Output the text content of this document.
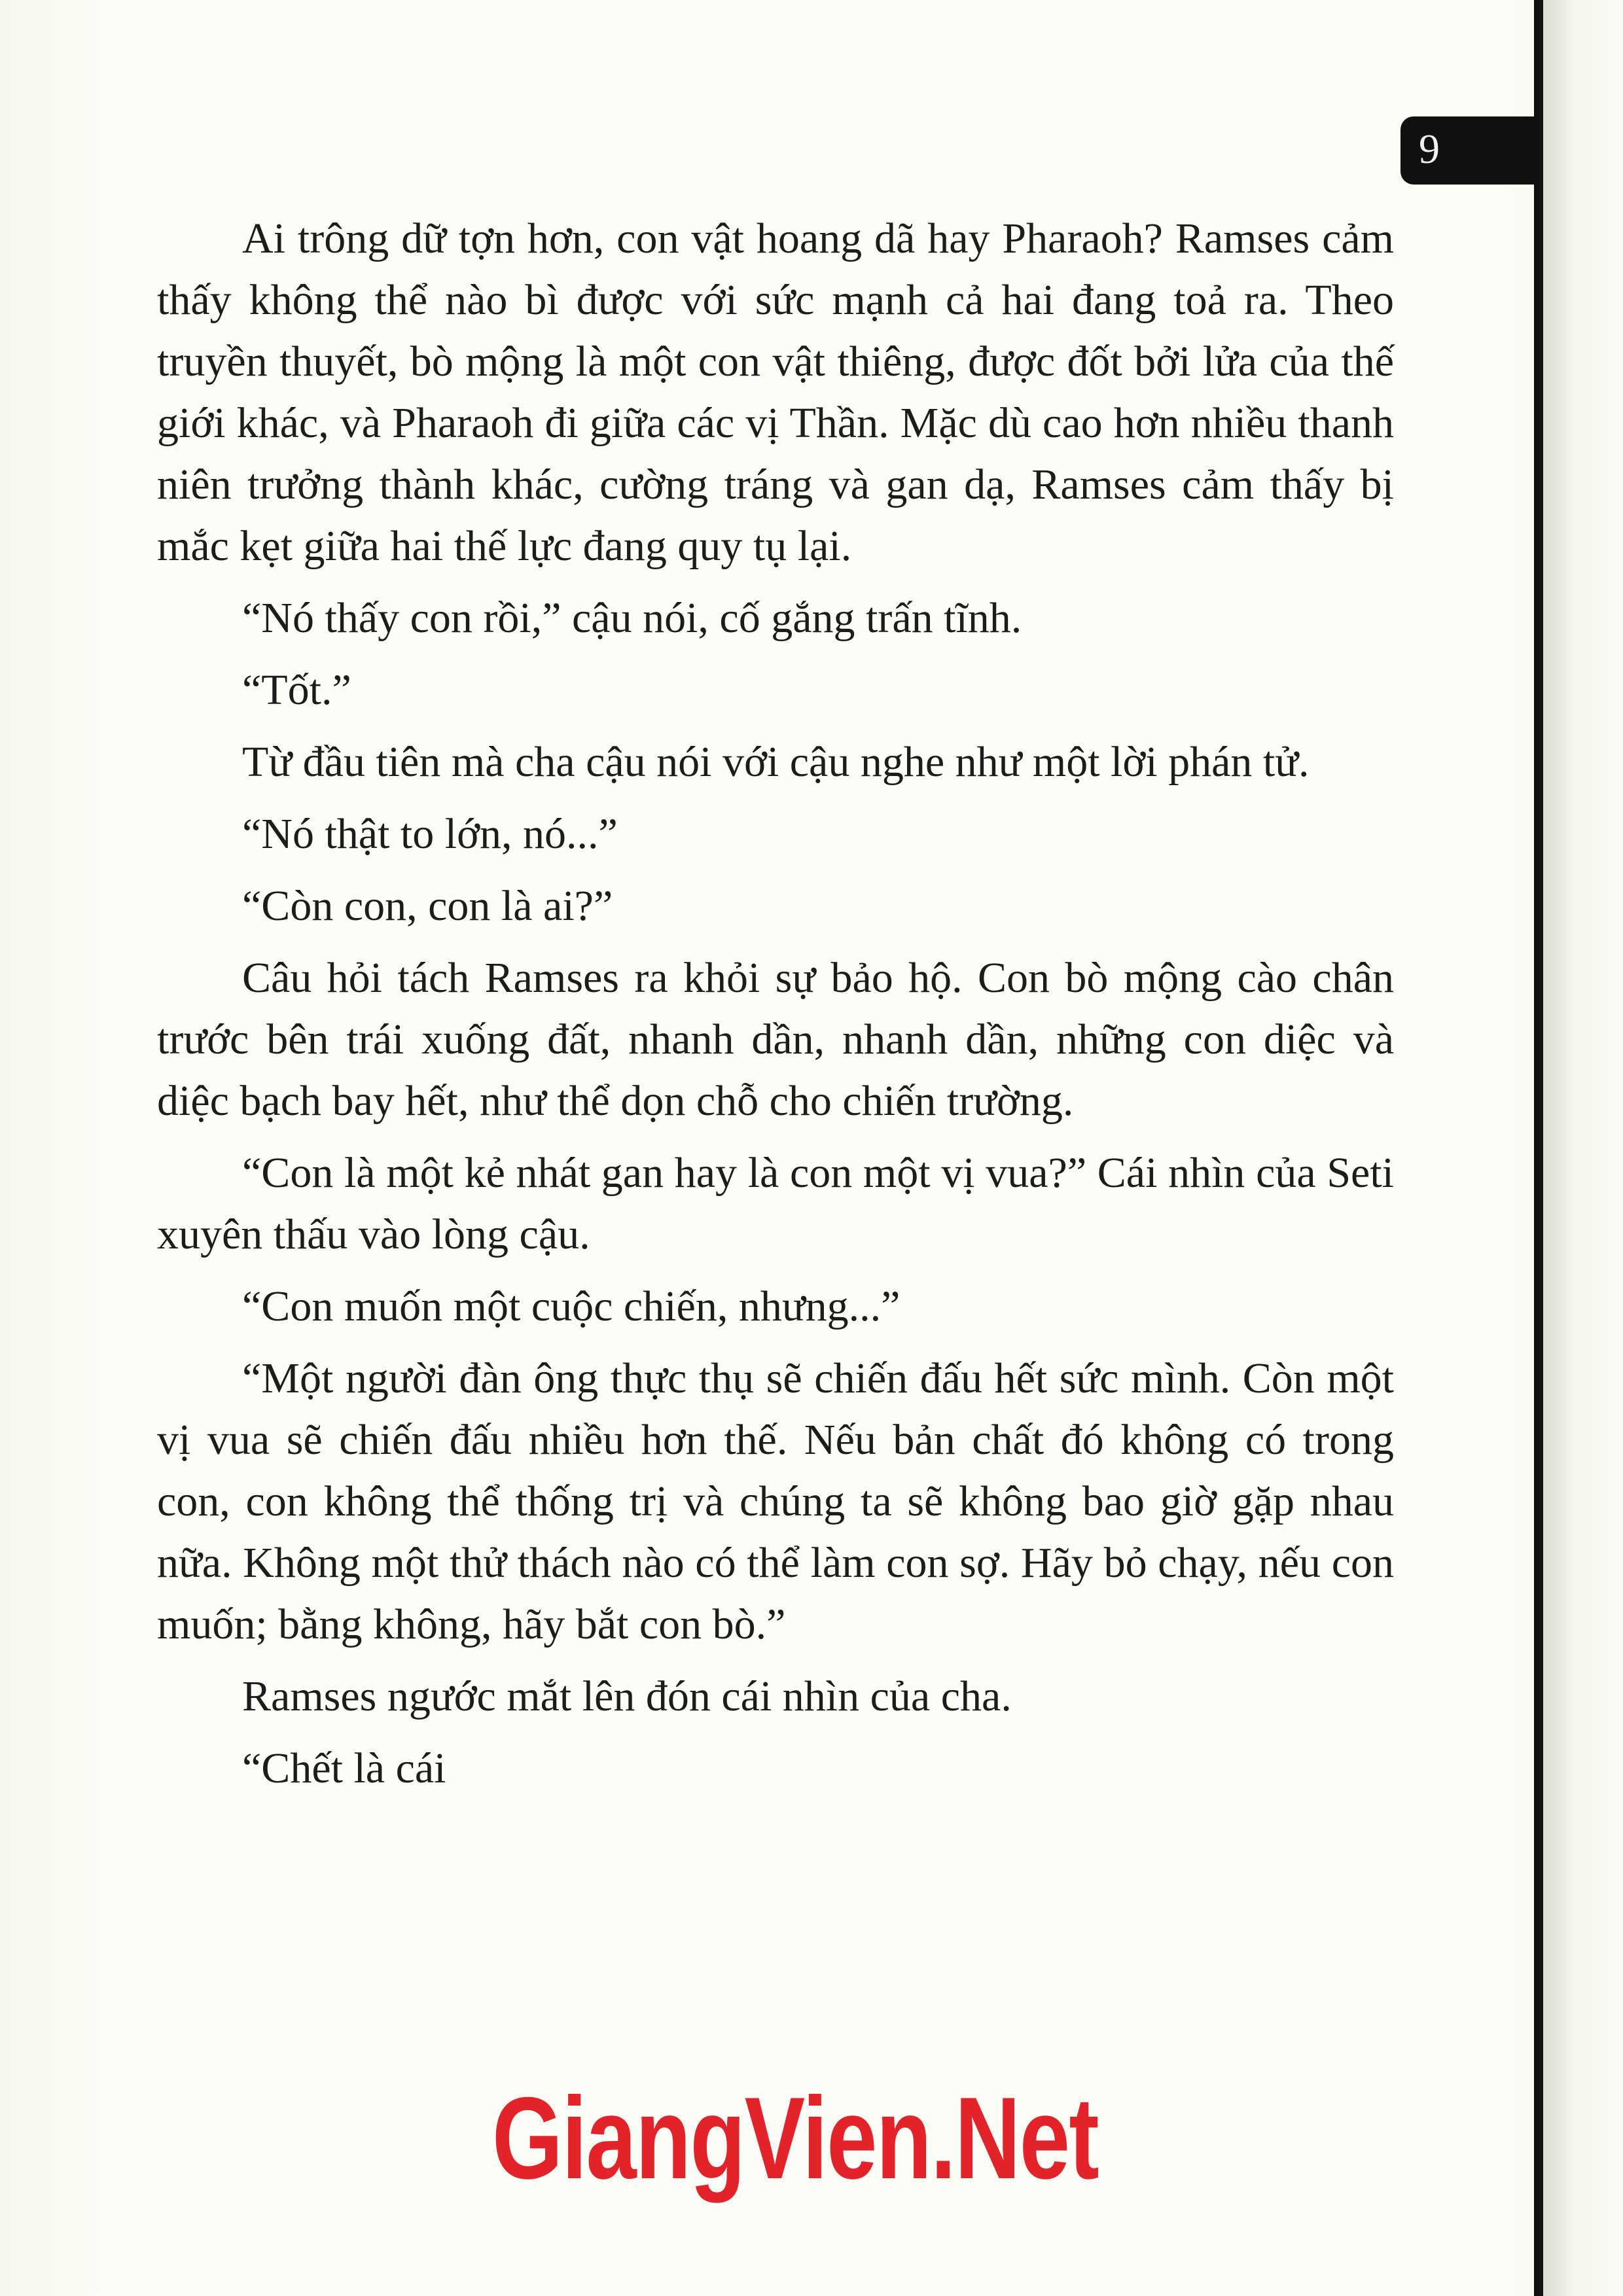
9

Ai trông dữ tợn hơn, con vật hoang dã hay Pharaoh? Ramses cảm thấy không thể nào bì được với sức mạnh cả hai đang toả ra. Theo truyền thuyết, bò mộng là một con vật thiêng, được đốt bởi lửa của thế giới khác, và Pharaoh đi giữa các vị Thần. Mặc dù cao hơn nhiều thanh niên trưởng thành khác, cường tráng và gan dạ, Ramses cảm thấy bị mắc kẹt giữa hai thế lực đang quy tụ lại.

“Nó thấy con rồi,” cậu nói, cố gắng trấn tĩnh.

“Tốt.”

Từ đầu tiên mà cha cậu nói với cậu nghe như một lời phán tử.

“Nó thật to lớn, nó...”

“Còn con, con là ai?”

Câu hỏi tách Ramses ra khỏi sự bảo hộ. Con bò mộng cào chân trước bên trái xuống đất, nhanh dần, nhanh dần, những con diệc và diệc bạch bay hết, như thể dọn chỗ cho chiến trường.

“Con là một kẻ nhát gan hay là con một vị vua?” Cái nhìn của Seti xuyên thấu vào lòng cậu.

“Con muốn một cuộc chiến, nhưng...”

“Một người đàn ông thực thụ sẽ chiến đấu hết sức mình. Còn một vị vua sẽ chiến đấu nhiều hơn thế. Nếu bản chất đó không có trong con, con không thể thống trị và chúng ta sẽ không bao giờ gặp nhau nữa. Không một thử thách nào có thể làm con sợ. Hãy bỏ chạy, nếu con muốn; bằng không, hãy bắt con bò.”

Ramses ngước mắt lên đón cái nhìn của cha.

“Chết là cái

GiangVien.Net
